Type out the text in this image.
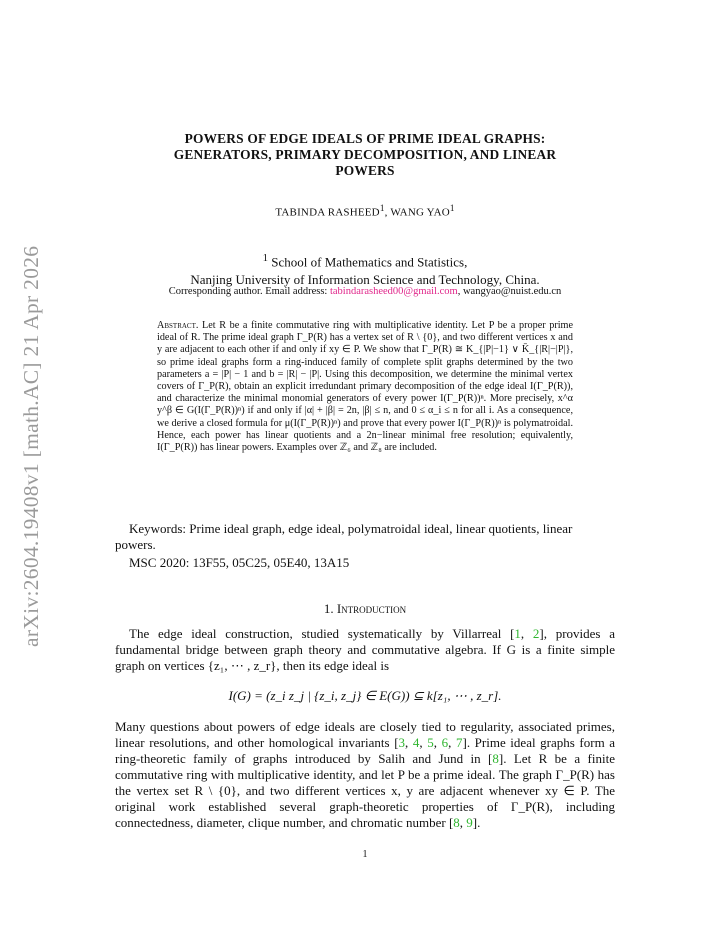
arXiv:2604.19408v1 [math.AC] 21 Apr 2026
POWERS OF EDGE IDEALS OF PRIME IDEAL GRAPHS:
GENERATORS, PRIMARY DECOMPOSITION, AND LINEAR
POWERS
TABINDA RASHEED$^1$, WANG YAO$^1$
$^1$ School of Mathematics and Statistics,
Nanjing University of Information Science and Technology, China.
Corresponding author. Email address: tabindarasheed00@gmail.com, wangyao@nuist.edu.cn
Abstract. Let R be a finite commutative ring with multiplicative identity. Let P be a proper prime ideal of R. The prime ideal graph Γ_P(R) has a vertex set of R \ {0}, and two different vertices x and y are adjacent to each other if and only if xy ∈ P. We show that Γ_P(R) ≅ K_{|P|−1} ∨ K̄_{|R|−|P|}, so prime ideal graphs form a ring-induced family of complete split graphs determined by the two parameters a = |P| − 1 and b = |R| − |P|. Using this decomposition, we determine the minimal vertex covers of Γ_P(R), obtain an explicit irredundant primary decomposition of the edge ideal I(Γ_P(R)), and characterize the minimal monomial generators of every power I(Γ_P(R))ⁿ. More precisely, x^α y^β ∈ G(I(Γ_P(R))ⁿ) if and only if |α| + |β| = 2n, |β| ≤ n, and 0 ≤ α_i ≤ n for all i. As a consequence, we derive a closed formula for μ(I(Γ_P(R))ⁿ) and prove that every power I(Γ_P(R))ⁿ is polymatroidal. Hence, each power has linear quotients and a 2n−linear minimal free resolution; equivalently, I(Γ_P(R)) has linear powers. Examples over ℤ₆ and ℤ₈ are included.
Keywords: Prime ideal graph, edge ideal, polymatroidal ideal, linear quotients, linear powers.
MSC 2020: 13F55, 05C25, 05E40, 13A15
1. Introduction
The edge ideal construction, studied systematically by Villarreal [1, 2], provides a fundamental bridge between graph theory and commutative algebra. If G is a finite simple graph on vertices {z₁, ⋯ , z_r}, then its edge ideal is
I(G) = (z_i z_j | {z_i, z_j} ∈ E(G)) ⊆ k[z₁, ⋯ , z_r].
Many questions about powers of edge ideals are closely tied to regularity, associated primes, linear resolutions, and other homological invariants [3, 4, 5, 6, 7]. Prime ideal graphs form a ring-theoretic family of graphs introduced by Salih and Jund in [8]. Let R be a finite commutative ring with multiplicative identity, and let P be a prime ideal. The graph Γ_P(R) has the vertex set R \ {0}, and two different vertices x, y are adjacent whenever xy ∈ P. The original work established several graph-theoretic properties of Γ_P(R), including connectedness, diameter, clique number, and chromatic number [8, 9].
1
